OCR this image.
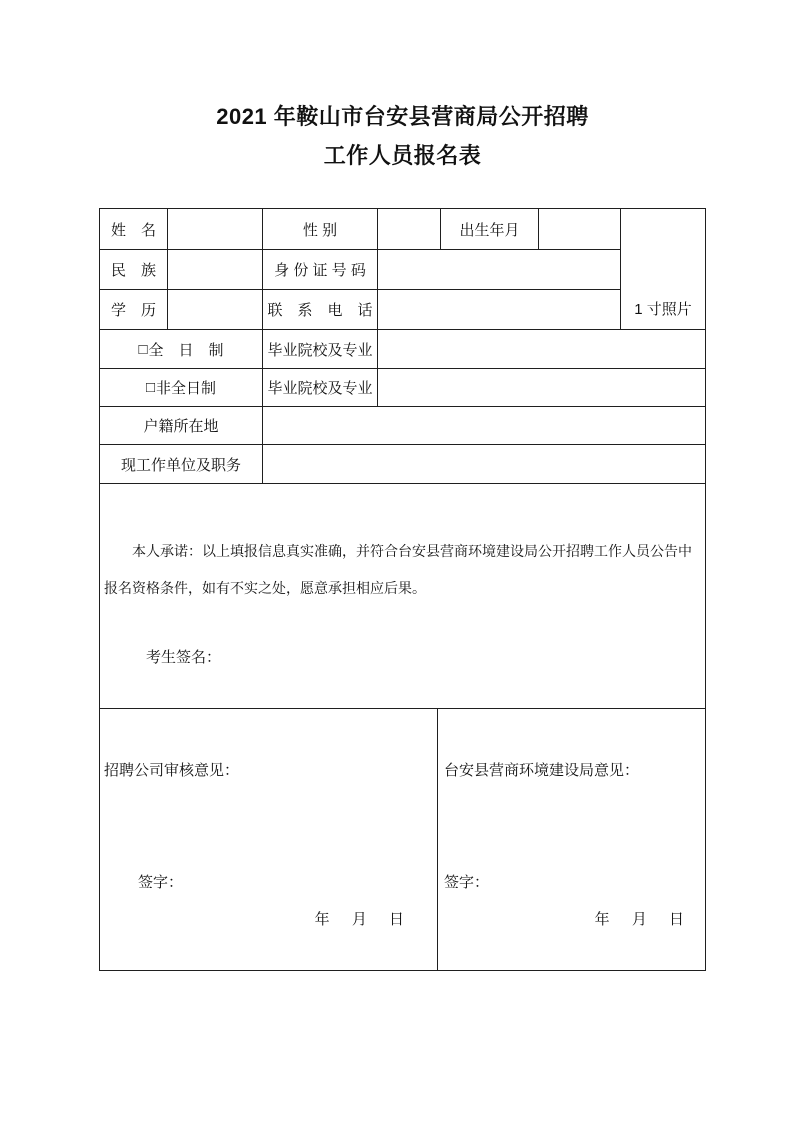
2021 年鞍山市台安县营商局公开招聘
工作人员报名表
姓　名	性 别	出生年月
1 寸照片
民　族	身 份 证 号 码
学　历	联　系　电　话
□ 全　日　制	毕业院校及专业
□ 非全日制	毕业院校及专业
户籍所在地
现工作单位及职务
本人承诺：以上填报信息真实准确，并符合台安县营商环境建设局公开招聘工作人员公告中
报名资格条件，如有不实之处，愿意承担相应后果。
考生签名：
招聘公司审核意见：
签字：
年 月 日
台安县营商环境建设局意见：
签字：
年 月 日
